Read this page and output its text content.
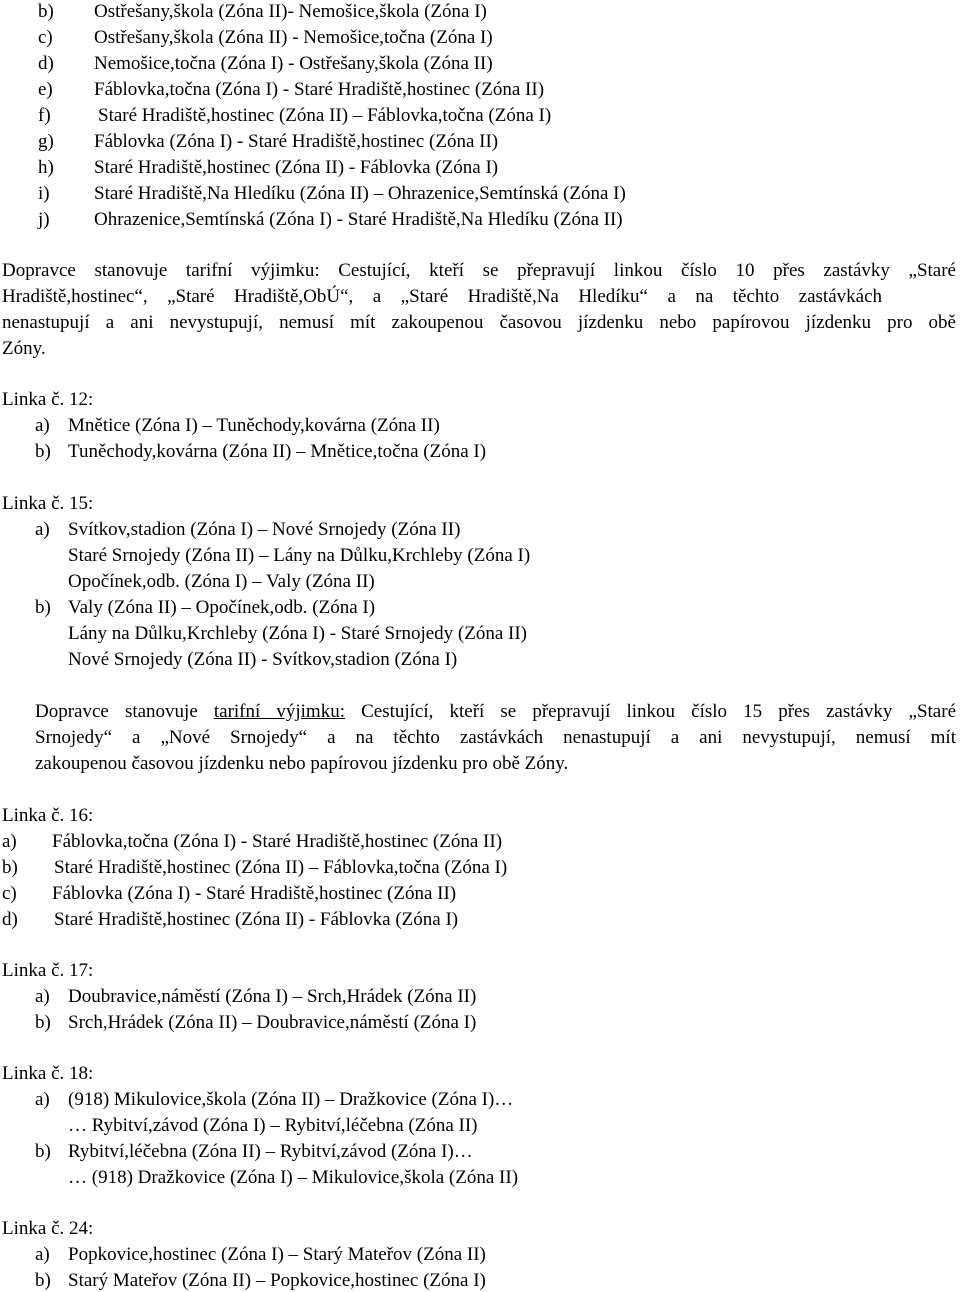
b) Ostřešany,škola (Zóna II)- Nemošice,škola (Zóna I)
c) Ostřešany,škola (Zóna II) - Nemošice,točna (Zóna I)
d) Nemošice,točna (Zóna I) - Ostřešany,škola (Zóna II)
e) Fáblovka,točna (Zóna I) - Staré Hradiště,hostinec (Zóna II)
f) Staré Hradiště,hostinec (Zóna II) – Fáblovka,točna (Zóna I)
g) Fáblovka (Zóna I) - Staré Hradiště,hostinec (Zóna II)
h) Staré Hradiště,hostinec (Zóna II) - Fáblovka (Zóna I)
i) Staré Hradiště,Na Hledíku (Zóna II) – Ohrazenice,Semtínská (Zóna I)
j) Ohrazenice,Semtínská (Zóna I) - Staré Hradiště,Na Hledíku (Zóna II)
Dopravce stanovuje tarifní výjimku: Cestující, kteří se přepravují linkou číslo 10 přes zastávky „Staré
Hradiště,hostinec“, „Staré Hradiště,ObÚ“, a „Staré Hradiště,Na Hledíku“ a na těchto zastávkách
nenastupují a ani nevystupují, nemusí mít zakoupenou časovou jízdenku nebo papírovou jízdenku pro obě
Zóny.
Linka č. 12:
a) Mnětice (Zóna I) – Tuněchody,kovárna (Zóna II)
b) Tuněchody,kovárna (Zóna II) – Mnětice,točna (Zóna I)
Linka č. 15:
a) Svítkov,stadion (Zóna I) – Nové Srnojedy (Zóna II)
Staré Srnojedy (Zóna II) – Lány na Důlku,Krchleby (Zóna I)
Opočínek,odb. (Zóna I) – Valy (Zóna II)
b) Valy (Zóna II) – Opočínek,odb. (Zóna I)
Lány na Důlku,Krchleby (Zóna I) - Staré Srnojedy (Zóna II)
Nové Srnojedy (Zóna II) - Svítkov,stadion (Zóna I)
Dopravce stanovuje tarifní výjimku: Cestující, kteří se přepravují linkou číslo 15 přes zastávky „Staré
Srnojedy“ a „Nové Srnojedy“ a na těchto zastávkách nenastupují a ani nevystupují, nemusí mít
zakoupenou časovou jízdenku nebo papírovou jízdenku pro obě Zóny.
Linka č. 16:
a) Fáblovka,točna (Zóna I) - Staré Hradiště,hostinec (Zóna II)
b) Staré Hradiště,hostinec (Zóna II) – Fáblovka,točna (Zóna I)
c) Fáblovka (Zóna I) - Staré Hradiště,hostinec (Zóna II)
d) Staré Hradiště,hostinec (Zóna II) - Fáblovka (Zóna I)
Linka č. 17:
a) Doubravice,náměstí (Zóna I) – Srch,Hrádek (Zóna II)
b) Srch,Hrádek (Zóna II) – Doubravice,náměstí (Zóna I)
Linka č. 18:
a) (918) Mikulovice,škola (Zóna II) – Dražkovice (Zóna I)…
… Rybitví,závod (Zóna I) – Rybitví,léčebna (Zóna II)
b) Rybitví,léčebna (Zóna II) – Rybitví,závod (Zóna I)…
… (918) Dražkovice (Zóna I) – Mikulovice,škola (Zóna II)
Linka č. 24:
a) Popkovice,hostinec (Zóna I) – Starý Mateřov (Zóna II)
b) Starý Mateřov (Zóna II) – Popkovice,hostinec (Zóna I)
